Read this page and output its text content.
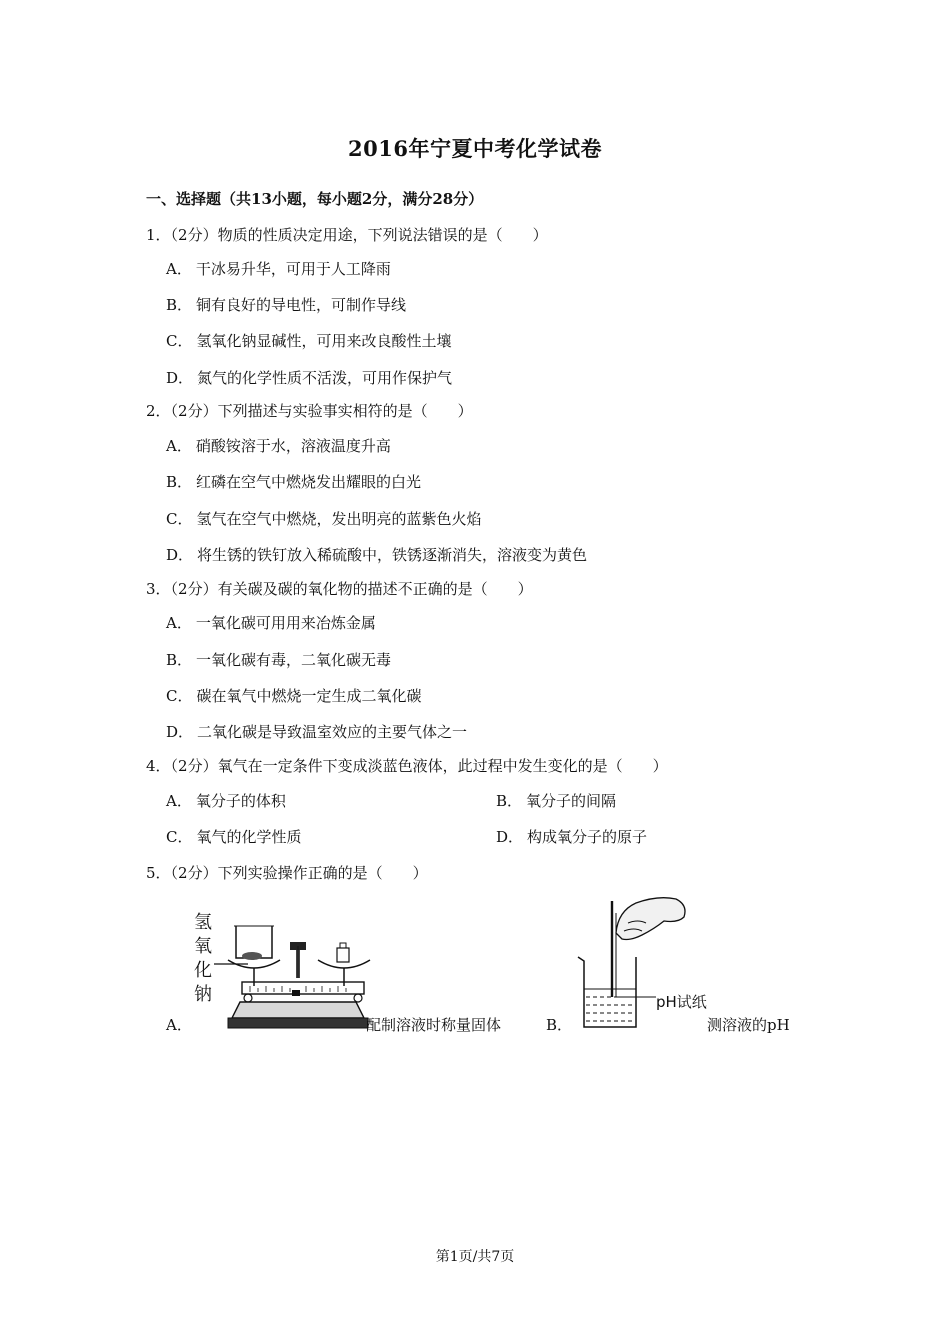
2016年宁夏中考化学试卷
一、选择题（共13小题，每小题2分，满分28分）
1．（2分）物质的性质决定用途，下列说法错误的是（　　）
A． 干冰易升华，可用于人工降雨
B． 铜有良好的导电性，可制作导线
C． 氢氧化钠显碱性，可用来改良酸性土壤
D． 氮气的化学性质不活泼，可用作保护气
2．（2分）下列描述与实验事实相符的是（　　）
A． 硝酸铵溶于水，溶液温度升高
B． 红磷在空气中燃烧发出耀眼的白光
C． 氢气在空气中燃烧，发出明亮的蓝紫色火焰
D． 将生锈的铁钉放入稀硫酸中，铁锈逐渐消失，溶液变为黄色
3．（2分）有关碳及碳的氧化物的描述不正确的是（　　）
A． 一氧化碳可用用来冶炼金属
B． 一氧化碳有毒，二氧化碳无毒
C． 碳在氧气中燃烧一定生成二氧化碳
D． 二氧化碳是导致温室效应的主要气体之一
4．（2分）氧气在一定条件下变成淡蓝色液体，此过程中发生变化的是（　　）
A． 氧分子的体积	B． 氧分子的间隔
C． 氧气的化学性质	D． 构成氧分子的原子
5．（2分）下列实验操作正确的是（　　）
A．
氢
氧
化
钠
配制溶液时称量固体	B．
pH试纸
测溶液的pH
第1页/共7页
